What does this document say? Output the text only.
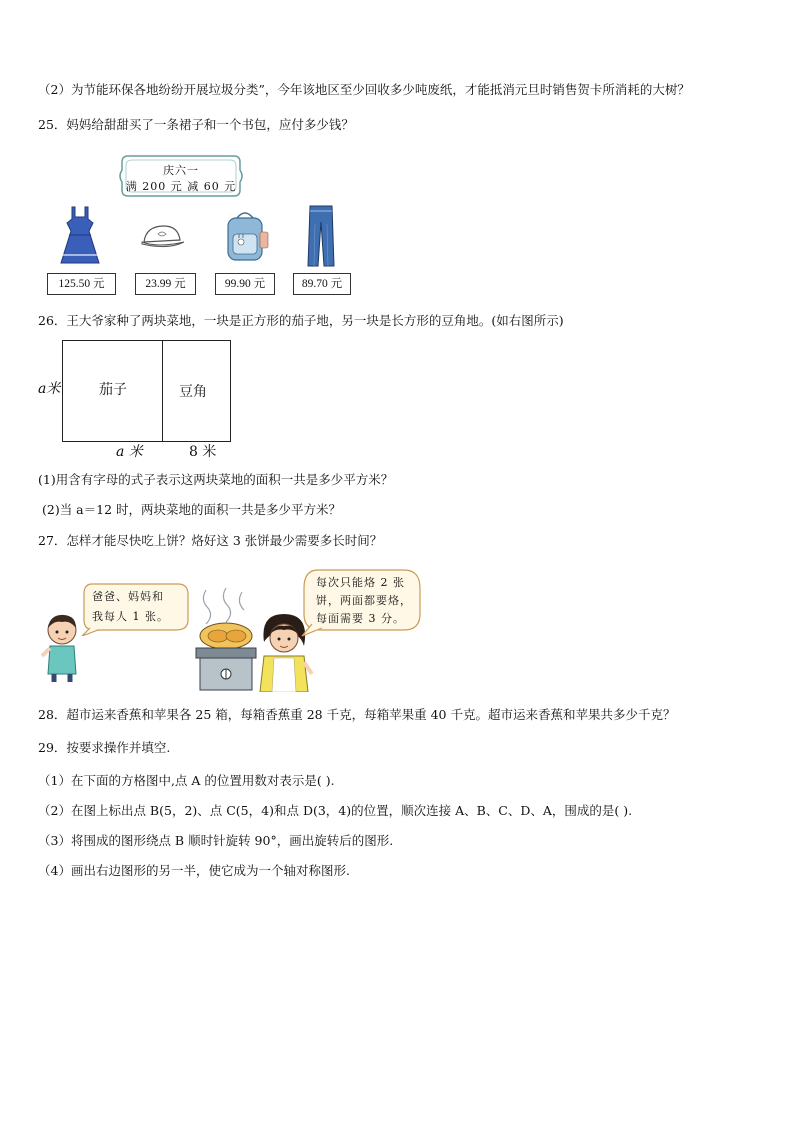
（2）为节能环保各地纷纷开展垃圾分类”，今年该地区至少回收多少吨废纸，才能抵消元旦时销售贺卡所消耗的大树？
25．妈妈给甜甜买了一条裙子和一个书包，应付多少钱？
庆六一
满 200 元 减 60 元
125.50 元	23.99 元	99.90 元	89.70 元
26．王大爷家种了两块菜地，一块是正方形的茄子地，另一块是长方形的豆角地。(如右图所示)
茄子	豆角
a米
a 米	8 米
(1)用含有字母的式子表示这两块菜地的面积一共是多少平方米？
(2)当 a＝12 时，两块菜地的面积一共是多少平方米？
27．怎样才能尽快吃上饼？烙好这 3 张饼最少需要多长时间？
爸爸、妈妈和
我每人 1 张。
每次只能烙 2 张
饼，两面都要烙，
每面需要 3 分。
28．超市运来香蕉和苹果各 25 箱，每箱香蕉重 28 千克，每箱苹果重 40 千克。超市运来香蕉和苹果共多少千克？
29．按要求操作并填空.
（1）在下面的方格图中,点 A 的位置用数对表示是( ).
（2）在图上标出点 B(5，2)、点 C(5，4)和点 D(3，4)的位置，顺次连接 A、B、C、D、A，围成的是( ).
（3）将围成的图形绕点 B 顺时针旋转 90°，画出旋转后的图形.
（4）画出右边图形的另一半，使它成为一个轴对称图形.
